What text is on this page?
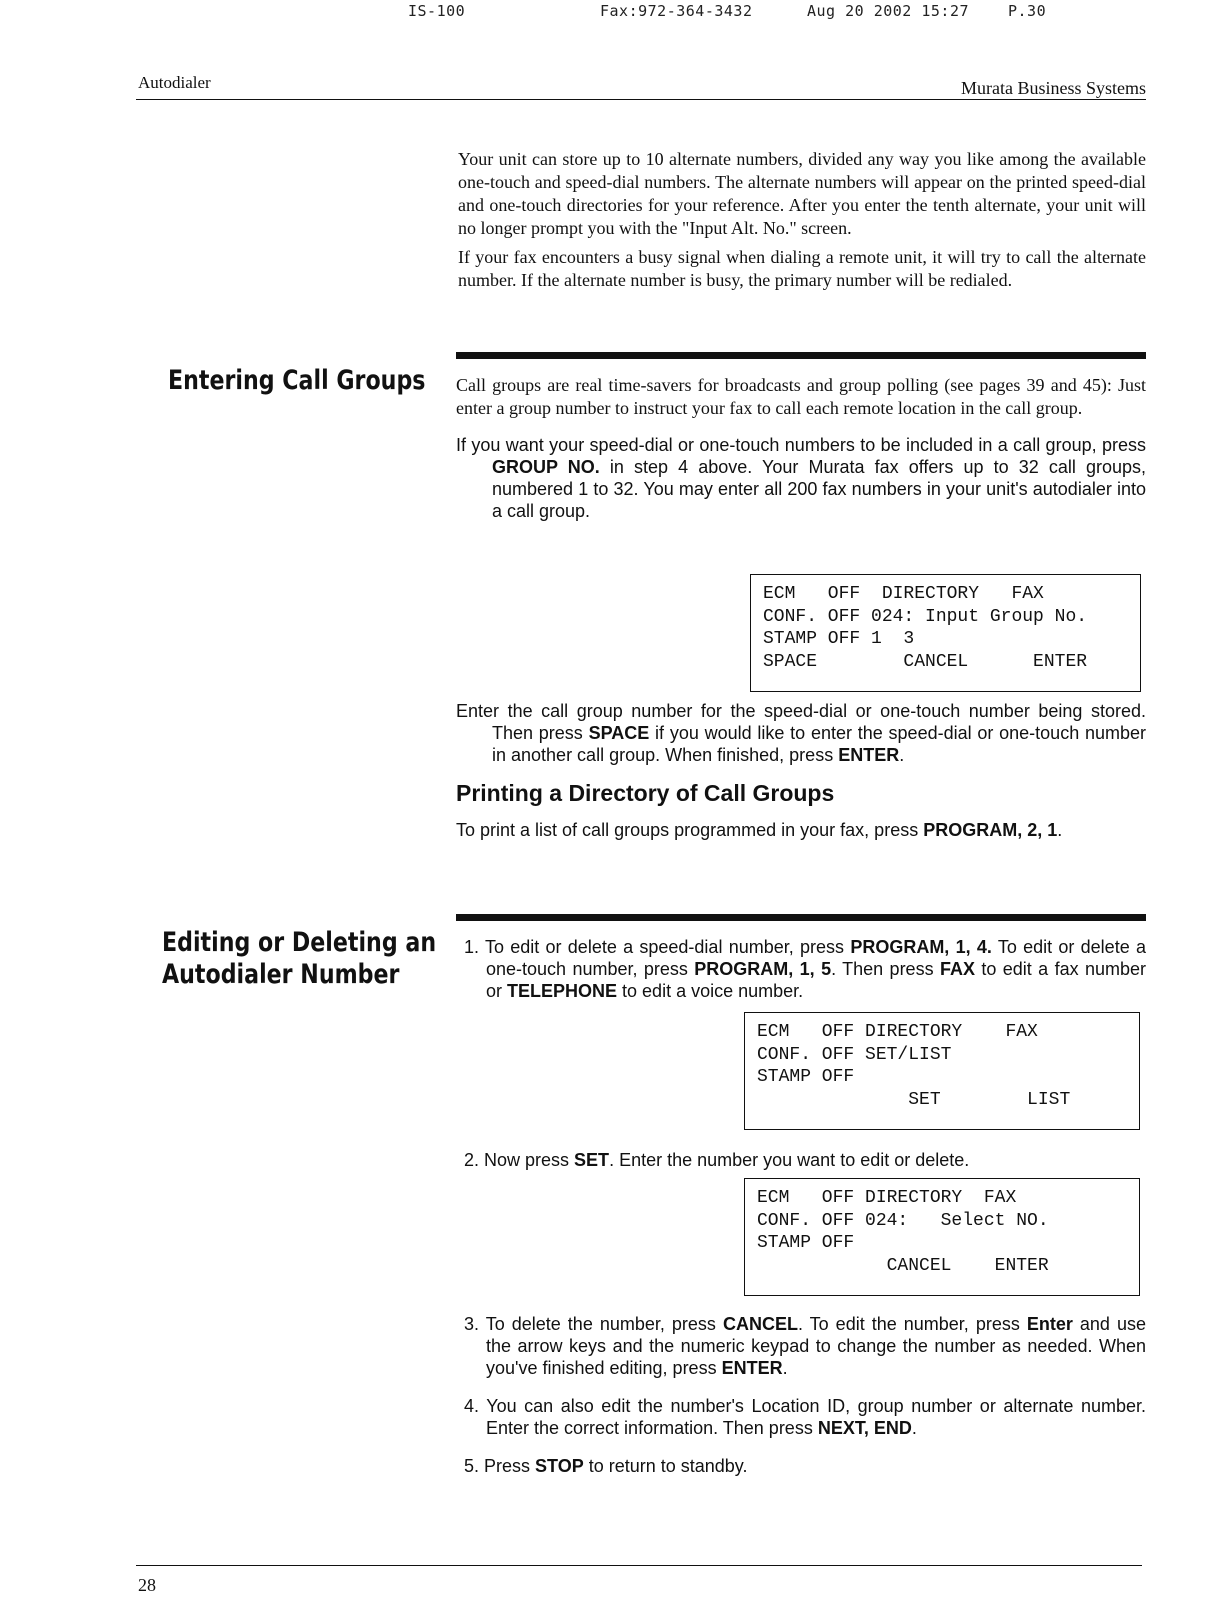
IS-100	Fax:972-364-3432	Aug 20 2002 15:27	P.30
Autodialer	Murata Business Systems

Your unit can store up to 10 alternate numbers, divided any way you like among the available one-touch and speed-dial numbers. The alternate numbers will appear on the printed speed-dial and one-touch directories for your reference. After you enter the tenth alternate, your unit will no longer prompt you with the "Input Alt. No." screen.

If your fax encounters a busy signal when dialing a remote unit, it will try to call the alternate number. If the alternate number is busy, the primary number will be redialed.

Entering Call Groups Call groups are real time-savers for broadcasts and group polling (see pages 39 and 45): Just enter a group number to instruct your fax to call each remote location in the call group.

If you want your speed-dial or one-touch numbers to be included in a call group, press GROUP NO. in step 4 above. Your Murata fax offers up to 32 call groups, numbered 1 to 32. You may enter all 200 fax numbers in your unit's autodialer into a call group.

ECM   OFF  DIRECTORY   FAX
CONF. OFF 024: Input Group No.
STAMP OFF 1  3
SPACE        CANCEL      ENTER

Enter the call group number for the speed-dial or one-touch number being stored. Then press SPACE if you would like to enter the speed-dial or one-touch number in another call group. When finished, press ENTER.

Printing a Directory of Call Groups

To print a list of call groups programmed in your fax, press PROGRAM, 2, 1.

Editing or Deleting an
Autodialer Number

1. To edit or delete a speed-dial number, press PROGRAM, 1, 4. To edit or delete a one-touch number, press PROGRAM, 1, 5. Then press FAX to edit a fax number or TELEPHONE to edit a voice number.

ECM   OFF DIRECTORY    FAX
CONF. OFF SET/LIST
STAMP OFF
SET        LIST

2. Now press SET. Enter the number you want to edit or delete.

ECM   OFF DIRECTORY  FAX
CONF. OFF 024:   Select NO.
STAMP OFF
CANCEL    ENTER

3. To delete the number, press CANCEL. To edit the number, press Enter and use the arrow keys and the numeric keypad to change the number as needed. When you've finished editing, press ENTER.

4. You can also edit the number's Location ID, group number or alternate number. Enter the correct information. Then press NEXT, END.

5. Press STOP to return to standby.

28
